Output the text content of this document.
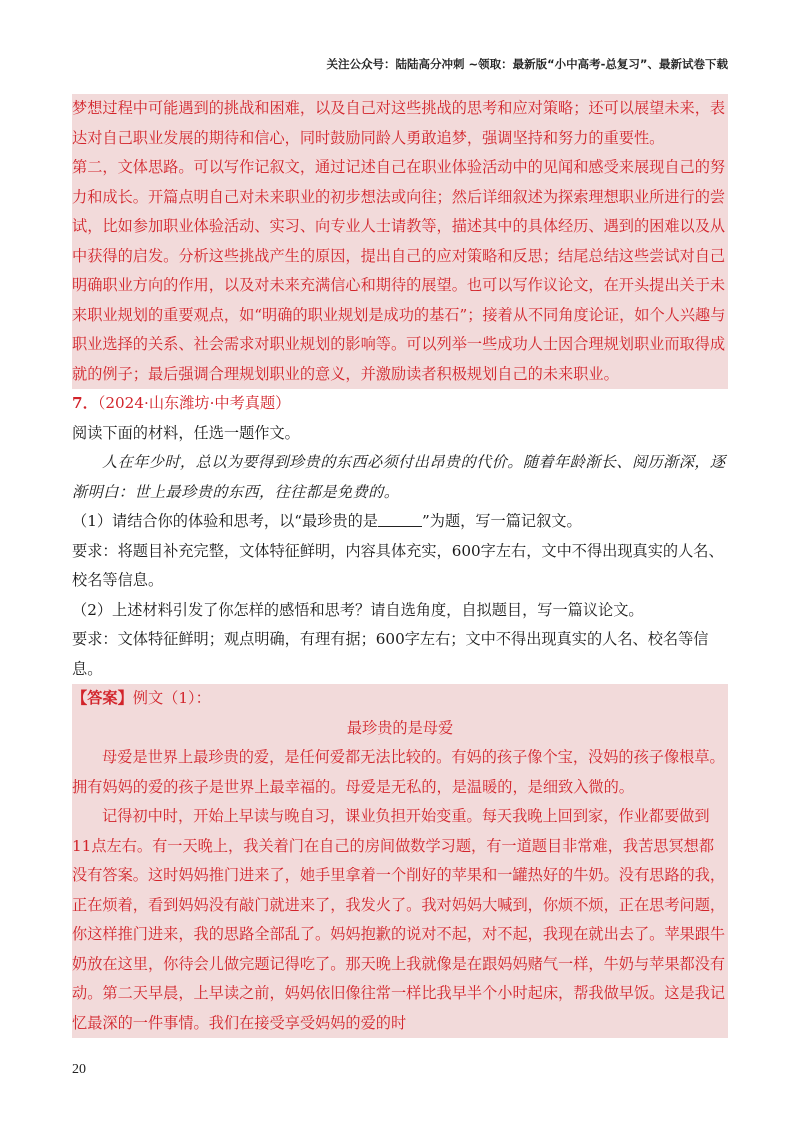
关注公众号：陆陆高分冲刺 ~领取：最新版“小中高考-总复习”、最新试卷下载

梦想过程中可能遇到的挑战和困难，以及自己对这些挑战的思考和应对策略；还可以展望未来，表达对自己职业发展的期待和信心，同时鼓励同龄人勇敢追梦，强调坚持和努力的重要性。

第二，文体思路。可以写作记叙文，通过记述自己在职业体验活动中的见闻和感受来展现自己的努力和成长。开篇点明自己对未来职业的初步想法或向往；然后详细叙述为探索理想职业所进行的尝试，比如参加职业体验活动、实习、向专业人士请教等，描述其中的具体经历、遇到的困难以及从中获得的启发。分析这些挑战产生的原因，提出自己的应对策略和反思；结尾总结这些尝试对自己明确职业方向的作用，以及对未来充满信心和期待的展望。也可以写作议论文，在开头提出关于未来职业规划的重要观点，如“明确的职业规划是成功的基石”；接着从不同角度论证，如个人兴趣与职业选择的关系、社会需求对职业规划的影响等。可以列举一些成功人士因合理规划职业而取得成就的例子；最后强调合理规划职业的意义，并激励读者积极规划自己的未来职业。

7．（2024·山东潍坊·中考真题）

阅读下面的材料，任选一题作文。

人在年少时，总以为要得到珍贵的东西必须付出昂贵的代价。随着年龄渐长、阅历渐深，逐渐明白：世上最珍贵的东西，往往都是免费的。

（1）请结合你的体验和思考，以“最珍贵的是	”为题，写一篇记叙文。

要求：将题目补充完整，文体特征鲜明，内容具体充实，600字左右，文中不得出现真实的人名、校名等信息。

（2）上述材料引发了你怎样的感悟和思考？请自选角度，自拟题目，写一篇议论文。

要求：文体特征鲜明；观点明确，有理有据；600字左右；文中不得出现真实的人名、校名等信息。

【答案】例文（1）：

最珍贵的是母爱

母爱是世界上最珍贵的爱，是任何爱都无法比较的。有妈的孩子像个宝，没妈的孩子像根草。拥有妈妈的爱的孩子是世界上最幸福的。母爱是无私的，是温暖的，是细致入微的。

记得初中时，开始上早读与晚自习，课业负担开始变重。每天我晚上回到家，作业都要做到11点左右。有一天晚上，我关着门在自己的房间做数学习题，有一道题目非常难，我苦思冥想都没有答案。这时妈妈推门进来了，她手里拿着一个削好的苹果和一罐热好的牛奶。没有思路的我，正在烦着，看到妈妈没有敲门就进来了，我发火了。我对妈妈大喊到，你烦不烦，正在思考问题，你这样推门进来，我的思路全部乱了。妈妈抱歉的说对不起，对不起，我现在就出去了。苹果跟牛奶放在这里，你待会儿做完题记得吃了。那天晚上我就像是在跟妈妈赌气一样，牛奶与苹果都没有动。第二天早晨，上早读之前，妈妈依旧像往常一样比我早半个小时起床，帮我做早饭。这是我记忆最深的一件事情。我们在接受享受妈妈的爱的时

20
